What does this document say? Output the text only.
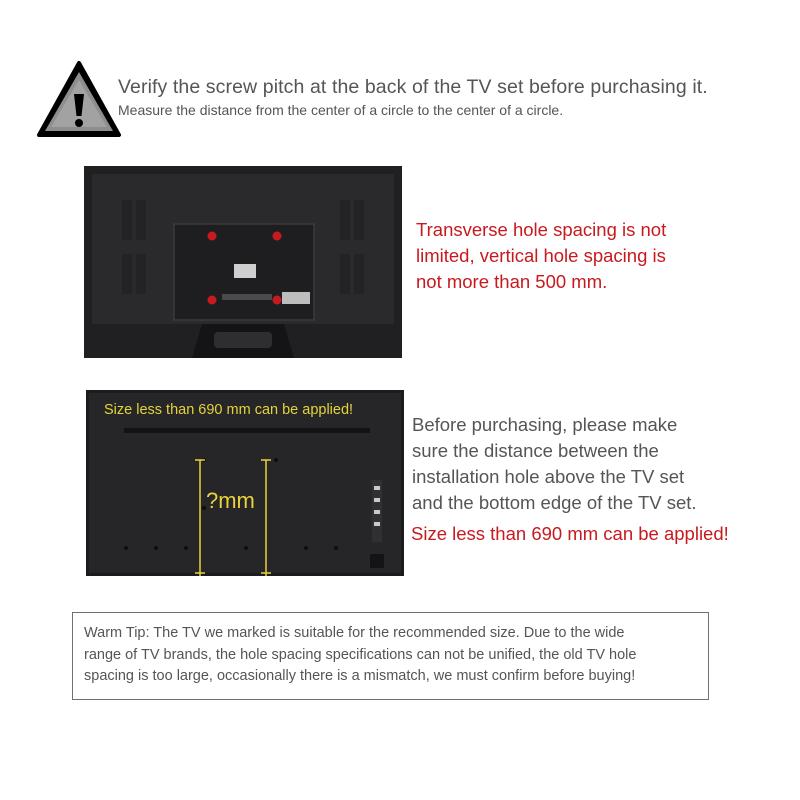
Verify the screw pitch at the back of the TV set before purchasing it.
Measure the distance from the center of a circle to the center of a circle.
Transverse hole spacing is not
limited, vertical hole spacing is
not more than 500 mm.
Size less than 690 mm can be applied!
?mm
Before purchasing, please make
sure the distance between the
installation hole above the TV set
and the bottom edge of the TV set.
Size less than 690 mm can be applied!
Warm Tip: The TV we marked is suitable for the recommended size. Due to the wide
range of TV brands, the hole spacing specifications can not be unified, the old TV hole
spacing is too large, occasionally there is a mismatch, we must confirm before buying!
